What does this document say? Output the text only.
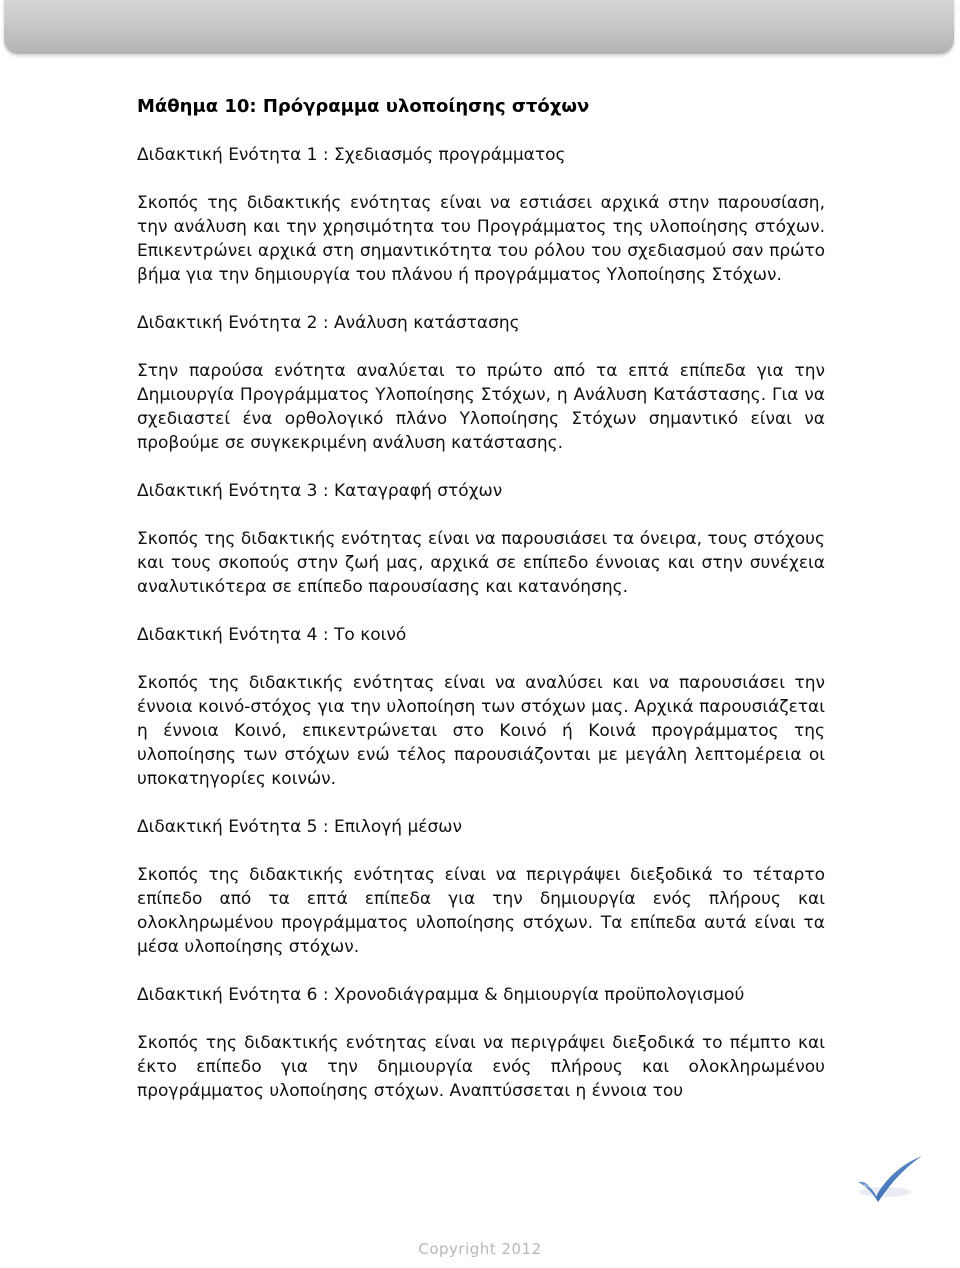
Μάθημα 10: Πρόγραμμα υλοποίησης στόχων
Διδακτική Ενότητα 1 : Σχεδιασμός προγράμματος
Σκοπός της διδακτικής ενότητας είναι να εστιάσει αρχικά στην παρουσίαση, την ανάλυση και την χρησιμότητα του Προγράμματος της υλοποίησης στόχων. Επικεντρώνει αρχικά στη σημαντικότητα του ρόλου του σχεδιασμού σαν πρώτο βήμα για την δημιουργία του πλάνου ή προγράμματος Υλοποίησης Στόχων.
Διδακτική Ενότητα 2 : Ανάλυση κατάστασης
Στην παρούσα ενότητα αναλύεται το πρώτο από τα επτά επίπεδα για την Δημιουργία Προγράμματος Υλοποίησης Στόχων, η Ανάλυση Κατάστασης. Για να σχεδιαστεί ένα ορθολογικό πλάνο Υλοποίησης Στόχων σημαντικό είναι να προβούμε σε συγκεκριμένη ανάλυση κατάστασης.
Διδακτική Ενότητα 3 : Καταγραφή στόχων
Σκοπός της διδακτικής ενότητας είναι να παρουσιάσει τα όνειρα, τους στόχους και τους σκοπούς στην ζωή μας, αρχικά σε επίπεδο έννοιας και στην συνέχεια αναλυτικότερα σε επίπεδο παρουσίασης και κατανόησης.
Διδακτική Ενότητα 4 : Το κοινό
Σκοπός της διδακτικής ενότητας είναι να αναλύσει και να παρουσιάσει την έννοια κοινό-στόχος για την υλοποίηση των στόχων μας. Αρχικά παρουσιάζεται η έννοια Κοινό, επικεντρώνεται στο Κοινό ή Κοινά προγράμματος της υλοποίησης των στόχων ενώ τέλος παρουσιάζονται με μεγάλη λεπτομέρεια οι υποκατηγορίες κοινών.
Διδακτική Ενότητα 5 : Επιλογή μέσων
Σκοπός της διδακτικής ενότητας είναι να περιγράψει διεξοδικά το τέταρτο επίπεδο από τα επτά επίπεδα για την δημιουργία ενός πλήρους και ολοκληρωμένου προγράμματος υλοποίησης στόχων. Τα επίπεδα αυτά είναι τα μέσα υλοποίησης στόχων.
Διδακτική Ενότητα 6 : Χρονοδιάγραμμα & δημιουργία προϋπολογισμού
Σκοπός της διδακτικής ενότητας είναι να περιγράψει διεξοδικά το πέμπτο και έκτο επίπεδο για την δημιουργία ενός πλήρους και ολοκληρωμένου προγράμματος υλοποίησης στόχων. Αναπτύσσεται η έννοια του
Copyright 2012
